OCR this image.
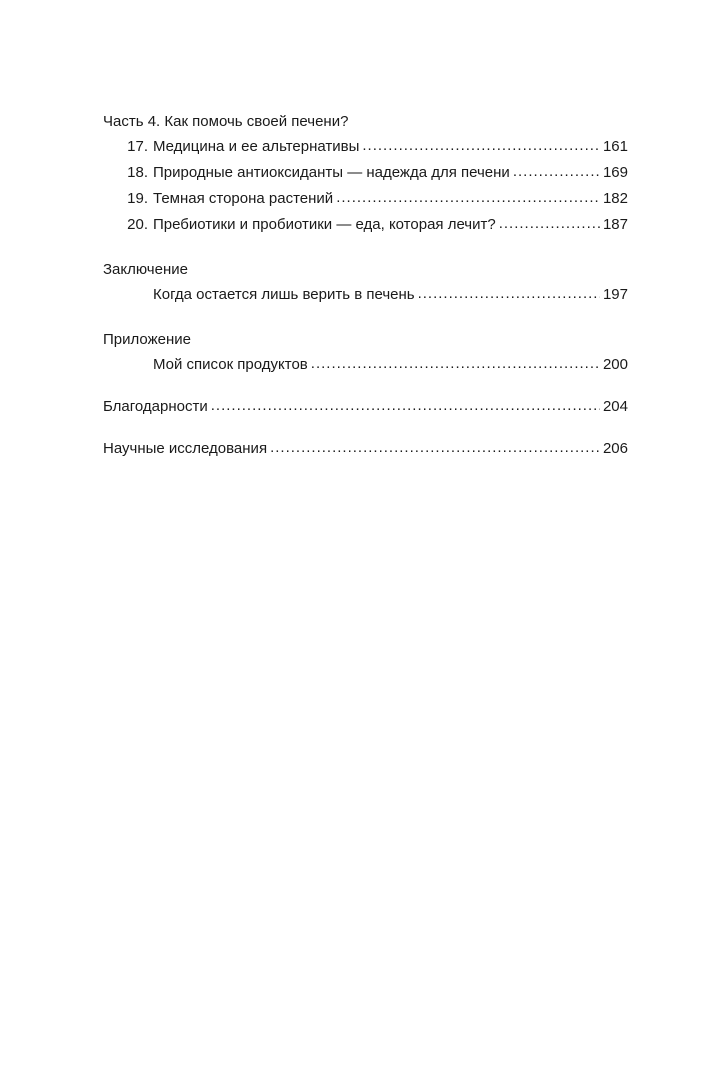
Часть 4. Как помочь своей печени?
17. Медицина и ее альтернативы .....	161
18. Природные антиоксиданты — надежда для печени .....	169
19. Темная сторона растений .....	182
20. Пребиотики и пробиотики — еда, которая лечит? .....	187
Заключение
Когда остается лишь верить в печень .....	197
Приложение
Мой список продуктов .....	200
Благодарности .....	204
Научные исследования .....	206
